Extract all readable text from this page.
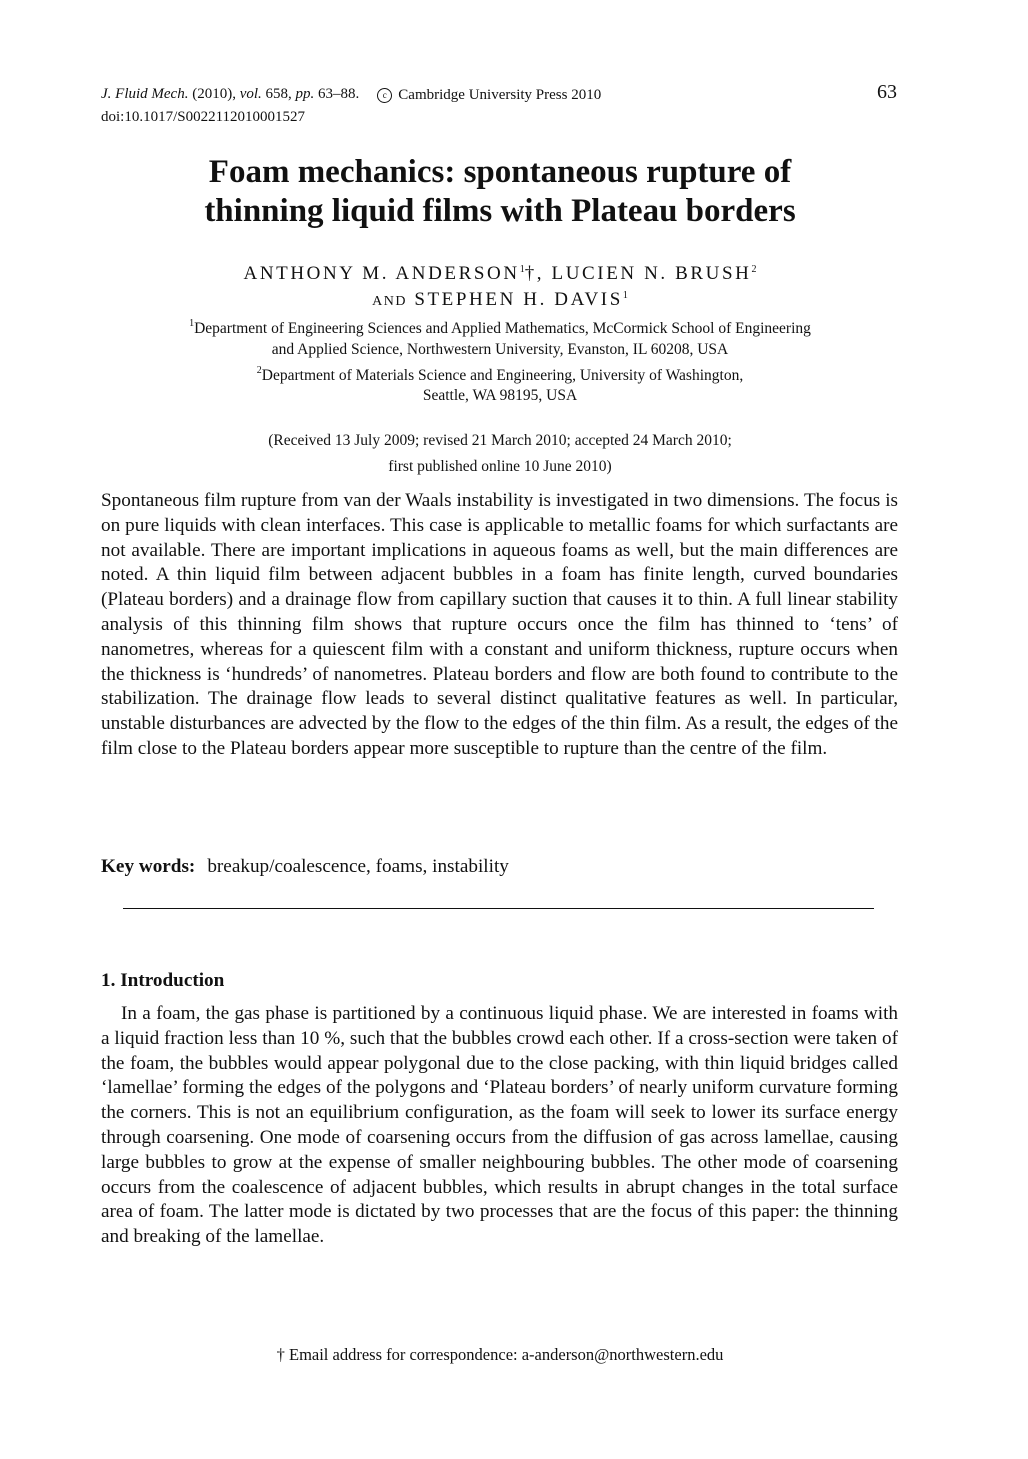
J. Fluid Mech. (2010), vol. 658, pp. 63–88.	c Cambridge University Press 2010
doi:10.1017/S0022112010001527
63
Foam mechanics: spontaneous rupture of
thinning liquid films with Plateau borders
ANTHONY M. ANDERSON$^1$†, LUCIEN N. BRUSH$^2$
AND STEPHEN H. DAVIS$^1$
$^1$Department of Engineering Sciences and Applied Mathematics, McCormick School of Engineering
and Applied Science, Northwestern University, Evanston, IL 60208, USA
$^2$Department of Materials Science and Engineering, University of Washington,
Seattle, WA 98195, USA
(Received 13 July 2009; revised 21 March 2010; accepted 24 March 2010;
first published online 10 June 2010)
Spontaneous film rupture from van der Waals instability is investigated in two dimensions. The focus is on pure liquids with clean interfaces. This case is applicable to metallic foams for which surfactants are not available. There are important implications in aqueous foams as well, but the main differences are noted. A thin liquid film between adjacent bubbles in a foam has finite length, curved boundaries (Plateau borders) and a drainage flow from capillary suction that causes it to thin. A full linear stability analysis of this thinning film shows that rupture occurs once the film has thinned to ‘tens’ of nanometres, whereas for a quiescent film with a constant and uniform thickness, rupture occurs when the thickness is ‘hundreds’ of nanometres. Plateau borders and flow are both found to contribute to the stabilization. The drainage flow leads to several distinct qualitative features as well. In particular, unstable disturbances are advected by the flow to the edges of the thin film. As a result, the edges of the film close to the Plateau borders appear more susceptible to rupture than the centre of the film.
Key words: breakup/coalescence, foams, instability
1. Introduction
In a foam, the gas phase is partitioned by a continuous liquid phase. We are interested in foams with a liquid fraction less than 10 %, such that the bubbles crowd each other. If a cross-section were taken of the foam, the bubbles would appear polygonal due to the close packing, with thin liquid bridges called ‘lamellae’ forming the edges of the polygons and ‘Plateau borders’ of nearly uniform curvature forming the corners. This is not an equilibrium configuration, as the foam will seek to lower its surface energy through coarsening. One mode of coarsening occurs from the diffusion of gas across lamellae, causing large bubbles to grow at the expense of smaller neighbouring bubbles. The other mode of coarsening occurs from the coalescence of adjacent bubbles, which results in abrupt changes in the total surface area of foam. The latter mode is dictated by two processes that are the focus of this paper: the thinning and breaking of the lamellae.
† Email address for correspondence: a-anderson@northwestern.edu
